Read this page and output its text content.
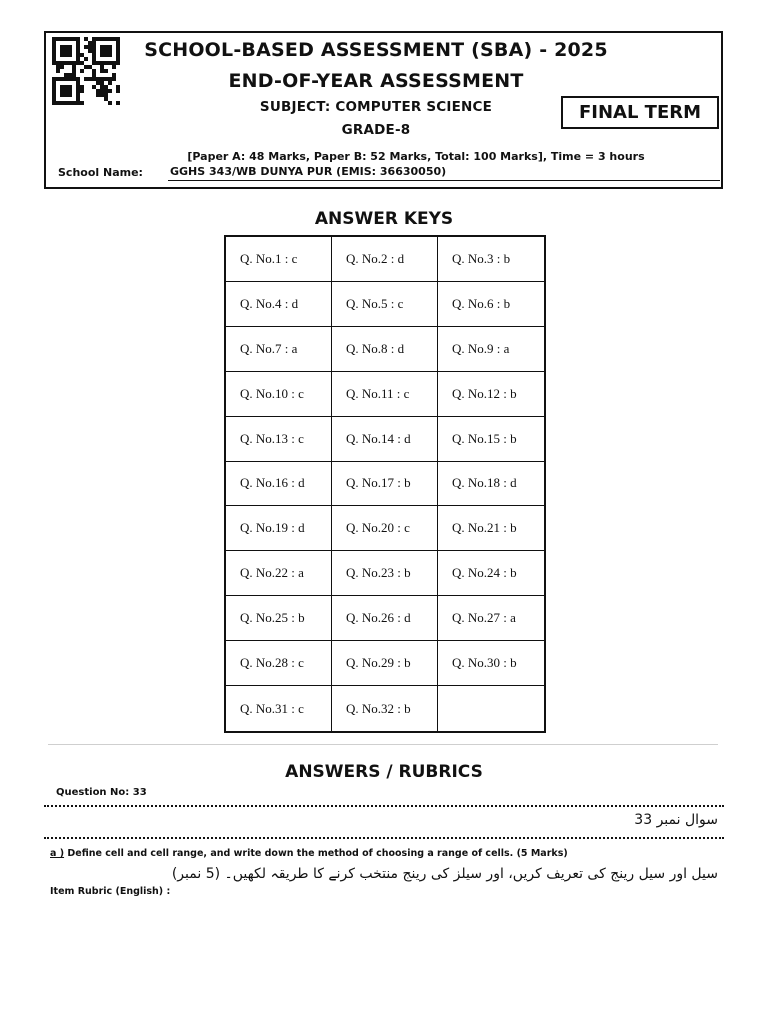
SCHOOL-BASED ASSESSMENT (SBA) - 2025
END-OF-YEAR ASSESSMENT
SUBJECT: COMPUTER SCIENCE
GRADE-8
FINAL TERM
[Paper A: 48 Marks, Paper B: 52 Marks, Total: 100 Marks], Time = 3 hours
School Name: GGHS 343/WB DUNYA PUR (EMIS: 36630050)
ANSWER KEYS
Q. No.1 : c	Q. No.2 : d	Q. No.3 : b
Q. No.4 : d	Q. No.5 : c	Q. No.6 : b
Q. No.7 : a	Q. No.8 : d	Q. No.9 : a
Q. No.10 : c	Q. No.11 : c	Q. No.12 : b
Q. No.13 : c	Q. No.14 : d	Q. No.15 : b
Q. No.16 : d	Q. No.17 : b	Q. No.18 : d
Q. No.19 : d	Q. No.20 : c	Q. No.21 : b
Q. No.22 : a	Q. No.23 : b	Q. No.24 : b
Q. No.25 : b	Q. No.26 : d	Q. No.27 : a
Q. No.28 : c	Q. No.29 : b	Q. No.30 : b
Q. No.31 : c	Q. No.32 : b
ANSWERS / RUBRICS
Question No: 33
سوال نمبر 33
a ) Define cell and cell range, and write down the method of choosing a range of cells. (5 Marks)
سیل اور سیل رینج کی تعریف کریں، اور سیلز کی رینج منتخب کرنے کا طریقہ لکھیں۔ (5 نمبر)
Item Rubric (English) :
